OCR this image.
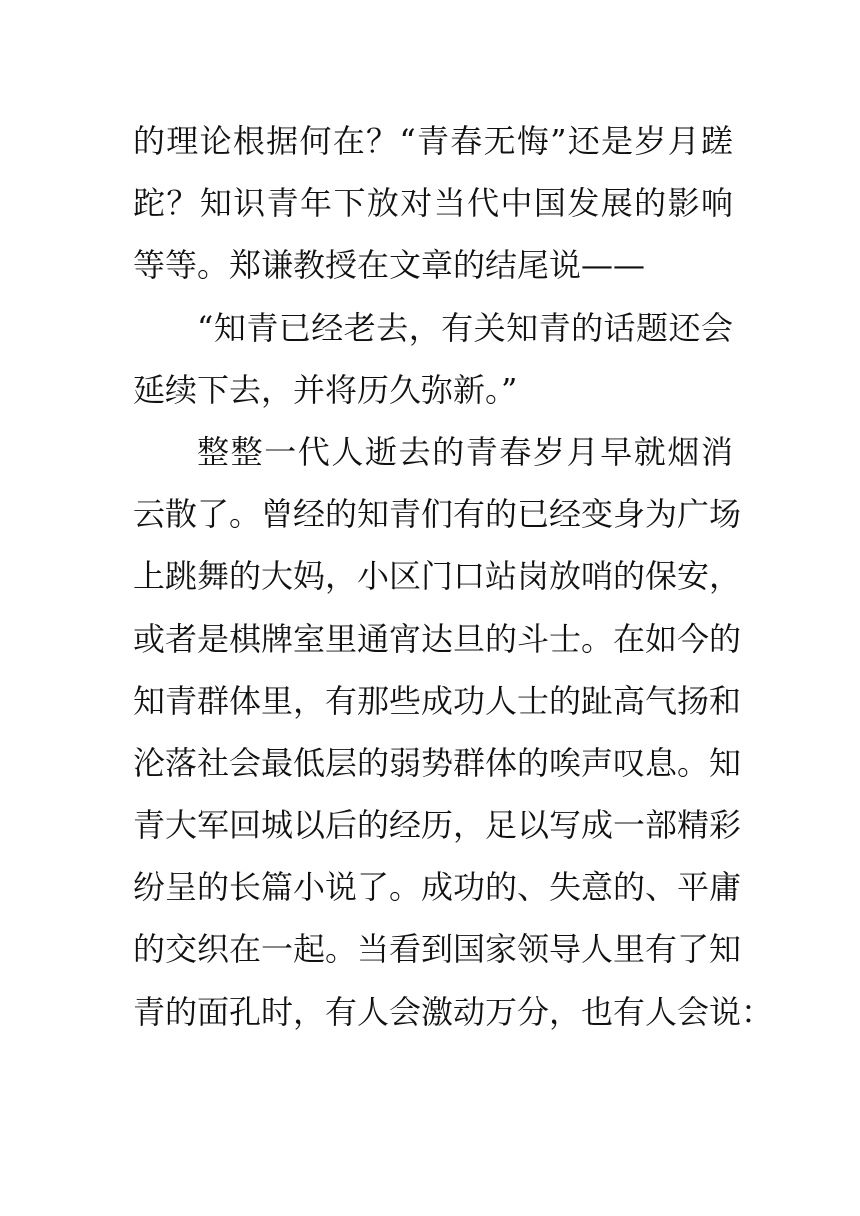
的理论根据何在？“青春无悔”还是岁月蹉
跎？知识青年下放对当代中国发展的影响
等等。郑谦教授在文章的结尾说——
“知青已经老去，有关知青的话题还会
延续下去，并将历久弥新。”
整整一代人逝去的青春岁月早就烟消
云散了。曾经的知青们有的已经变身为广场
上跳舞的大妈，小区门口站岗放哨的保安，
或者是棋牌室里通宵达旦的斗士。在如今的
知青群体里，有那些成功人士的趾高气扬和
沦落社会最低层的弱势群体的唉声叹息。知
青大军回城以后的经历，足以写成一部精彩
纷呈的长篇小说了。成功的、失意的、平庸
的交织在一起。当看到国家领导人里有了知
青的面孔时，有人会激动万分，也有人会说：
